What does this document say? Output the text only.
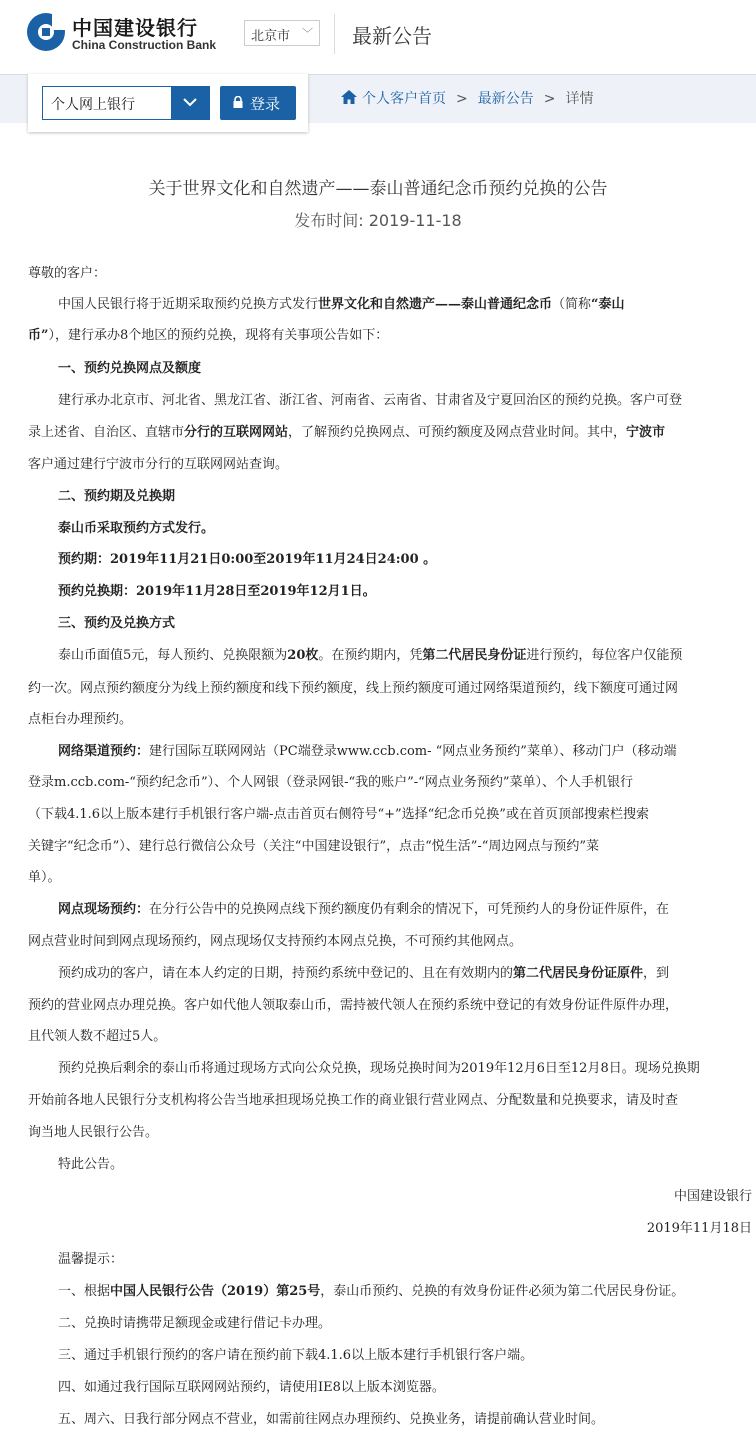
中国建设银行
China Construction Bank
北京市 ﹀ 最新公告
个人网上银行	登录	个人客户首页 > 最新公告 > 详情
关于世界文化和自然遗产——泰山普通纪念币预约兑换的公告
发布时间: 2019-11-18
尊敬的客户：
中国人民银行将于近期采取预约兑换方式发行世界文化和自然遗产——泰山普通纪念币（简称“泰山
币”），建行承办8个地区的预约兑换，现将有关事项公告如下：
一、预约兑换网点及额度
建行承办北京市、河北省、黑龙江省、浙江省、河南省、云南省、甘肃省及宁夏回治区的预约兑换。客户可登
录上述省、自治区、直辖市分行的互联网网站，了解预约兑换网点、可预约额度及网点营业时间。其中，宁波市
客户通过建行宁波市分行的互联网网站查询。
二、预约期及兑换期
泰山币采取预约方式发行。
预约期：2019年11月21日0:00至2019年11月24日24:00 。
预约兑换期：2019年11月28日至2019年12月1日。
三、预约及兑换方式
泰山币面值5元，每人预约、兑换限额为20枚。在预约期内，凭第二代居民身份证进行预约，每位客户仅能预
约一次。网点预约额度分为线上预约额度和线下预约额度，线上预约额度可通过网络渠道预约，线下额度可通过网
点柜台办理预约。
网络渠道预约：建行国际互联网网站（PC端登录www.ccb.com- “网点业务预约”菜单）、移动门户（移动端
登录m.ccb.com-“预约纪念币”）、个人网银（登录网银-“我的账户”-“网点业务预约”菜单）、个人手机银行
（下载4.1.6以上版本建行手机银行客户端-点击首页右侧符号“+”选择“纪念币兑换”或在首页顶部搜索栏搜索
关键字“纪念币”）、建行总行微信公众号（关注“中国建设银行”，点击“悦生活”-“周边网点与预约”菜
单）。
网点现场预约：在分行公告中的兑换网点线下预约额度仍有剩余的情况下，可凭预约人的身份证件原件，在
网点营业时间到网点现场预约，网点现场仅支持预约本网点兑换，不可预约其他网点。
预约成功的客户，请在本人约定的日期，持预约系统中登记的、且在有效期内的第二代居民身份证原件，到
预约的营业网点办理兑换。客户如代他人领取泰山币，需持被代领人在预约系统中登记的有效身份证件原件办理，
且代领人数不超过5人。
预约兑换后剩余的泰山币将通过现场方式向公众兑换，现场兑换时间为2019年12月6日至12月8日。现场兑换期
开始前各地人民银行分支机构将公告当地承担现场兑换工作的商业银行营业网点、分配数量和兑换要求，请及时查
询当地人民银行公告。
特此公告。
中国建设银行
2019年11月18日
温馨提示：
一、根据中国人民银行公告（2019）第25号，泰山币预约、兑换的有效身份证件必须为第二代居民身份证。
二、兑换时请携带足额现金或建行借记卡办理。
三、通过手机银行预约的客户请在预约前下载4.1.6以上版本建行手机银行客户端。
四、如通过我行国际互联网网站预约，请使用IE8以上版本浏览器。
五、周六、日我行部分网点不营业，如需前往网点办理预约、兑换业务，请提前确认营业时间。
